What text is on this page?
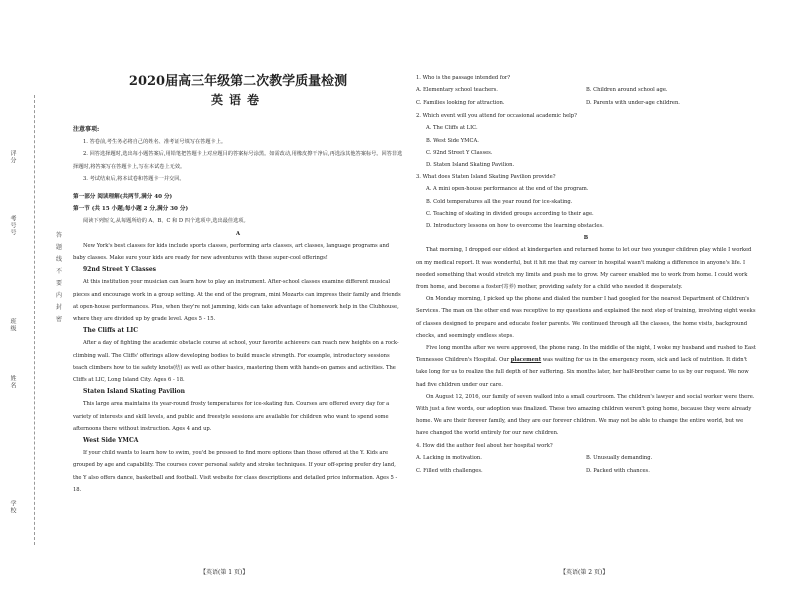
评分
考号号
班级
姓名
学校
答
题
线
不
要
内
封
密

2020届高三年级第二次教学质量检测

英语卷

注意事项:

1. 答卷前,考生务必将自己的姓名、准考证号填写在答题卡上。

2. 回答选择题时,选出每小题答案后,用铅笔把答题卡上对应题目的答案标号涂黑。如需改动,用橡皮擦干净后,再选涂其他答案标号。回答非选择题时,将答案写在答题卡上,写在本试卷上无效。

3. 考试结束后,将本试卷和答题卡一并交回。

第一部分 阅读理解(共两节,满分 40 分)

第一节 (共 15 小题;每小题 2 分,满分 30 分)

阅读下列短文,从每题所给的 A、B、C 和 D 四个选项中,选出最佳选项。

A

New York's best classes for kids include sports classes, performing arts classes, art classes, language programs and baby classes. Make sure your kids are ready for new adventures with these super-cool offerings!

92nd Street Y Classes

At this institution your musician can learn how to play an instrument. After-school classes examine different musical pieces and encourage work in a group setting. At the end of the program, mini Mozarts can impress their family and friends at open-house performances. Plus, when they're not jamming, kids can take advantage of homework help in the Clubhouse, where they are divided up by grade level. Ages 5 - 15.

The Cliffs at LIC

After a day of fighting the academic obstacle course at school, your favorite achievers can reach new heights on a rock-climbing wall. The Cliffs' offerings allow developing bodies to build muscle strength. For example, introductory sessions teach climbers how to tie safety knots(结) as well as other basics, mastering them with hands-on games and activities. The Cliffs at LIC, Long Island City. Ages 6 - 18.

Staten Island Skating Pavilion

This large area maintains its year-round frosty temperatures for ice-skating fun. Courses are offered every day for a variety of interests and skill levels, and public and freestyle sessions are available for children who want to spend some afternoons there without instruction. Ages 4 and up.

West Side YMCA

If your child wants to learn how to swim, you'd be pressed to find more options than those offered at the Y. Kids are grouped by age and capability. The courses cover personal safety and stroke techniques. If your off-spring prefer dry land, the Y also offers dance, basketball and football. Visit website for class descriptions and detailed price information. Ages 5 - 18.

【英语(第 1 页)】

1. Who is the passage intended for?

A. Elementary school teachers.	B. Children around school age.
C. Families looking for attraction.	D. Parents with under-age children.

2. Which event will you attend for occasional academic help?

A. The Cliffs at LIC.

B. West Side YMCA.

C. 92nd Street Y Classes.

D. Staten Island Skating Pavilion.

3. What does Staten Island Skating Pavilion provide?

A. A mini open-house performance at the end of the program.

B. Cold temperatures all the year round for ice-skating.

C. Teaching of skating in divided groups according to their age.

D. Introductory lessons on how to overcome the learning obstacles.

B

That morning, I dropped our eldest at kindergarten and returned home to let our two younger children play while I worked on my medical report. It was wonderful, but it hit me that my career in hospital wasn't making a difference in anyone's life. I needed something that would stretch my limits and push me to grow. My career enabled me to work from home. I could work from home, and become a foster(寄养) mother, providing safety for a child who needed it desperately.

On Monday morning, I picked up the phone and dialed the number I had googled for the nearest Department of Children's Services. The man on the other end was receptive to my questions and explained the next step of training, involving eight weeks of classes designed to prepare and educate foster parents. We continued through all the classes, the home visits, background checks, and seemingly endless steps.

Five long months after we were approved, the phone rang. In the middle of the night, I woke my husband and rushed to East Tennessee Children's Hospital. Our placement was waiting for us in the emergency room, sick and lack of nutrition. It didn't take long for us to realize the full depth of her suffering. Six months later, her half-brother came to us by our request. We now had five children under our care.

On August 12, 2016, our family of seven walked into a small courtroom. The children's lawyer and social worker were there. With just a few words, our adoption was finalized. These two amazing children weren't going home, because they were already home. We are their forever family, and they are our forever children. We may not be able to change the entire world, but we have changed the world entirely for our new children.

4. How did the author feel about her hospital work?

A. Lacking in motivation.	B. Unusually demanding.
C. Filled with challenges.	D. Packed with chances.
【英语(第 2 页)】
